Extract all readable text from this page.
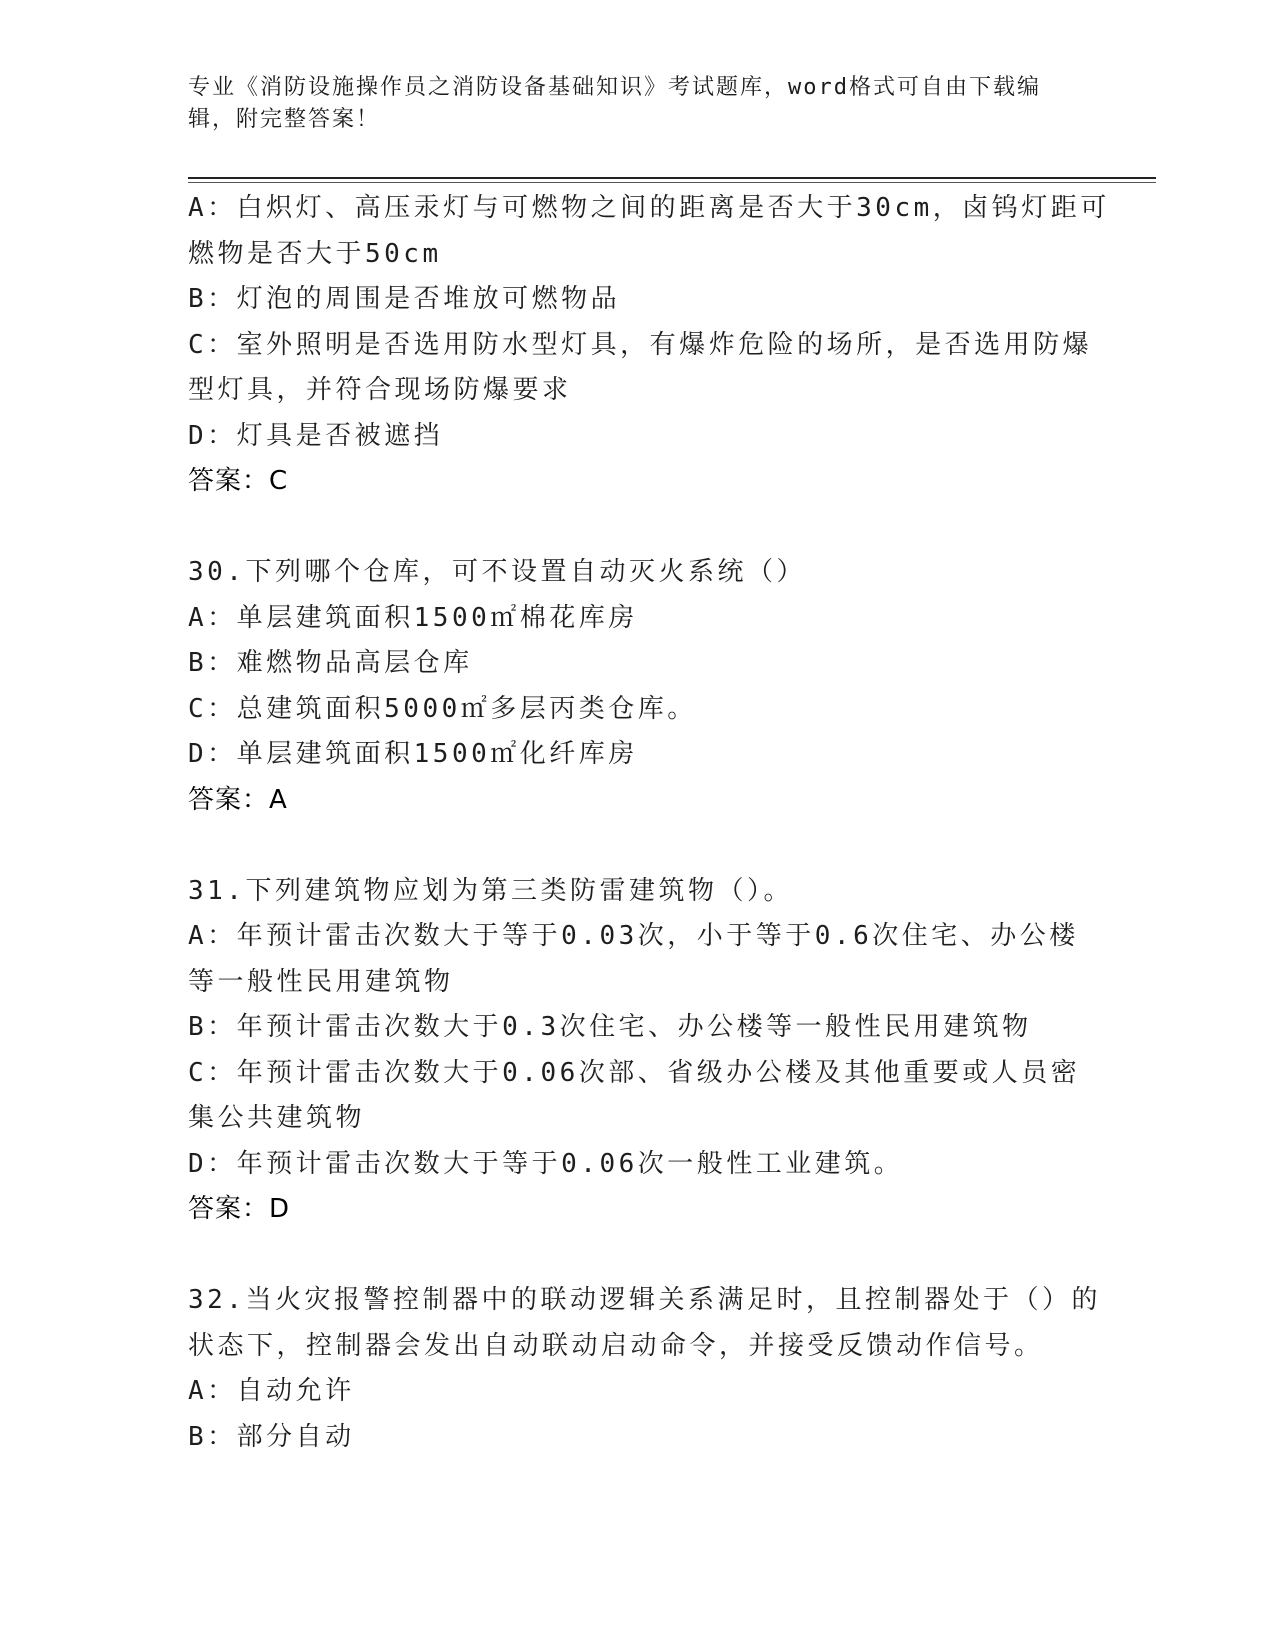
专业《消防设施操作员之消防设备基础知识》考试题库，word格式可自由下载编
辑，附完整答案！
A：白炽灯、高压汞灯与可燃物之间的距离是否大于30cm，卤钨灯距可
燃物是否大于50cm
B：灯泡的周围是否堆放可燃物品
C：室外照明是否选用防水型灯具，有爆炸危险的场所，是否选用防爆
型灯具，并符合现场防爆要求
D：灯具是否被遮挡
答案：C
30.下列哪个仓库，可不设置自动灭火系统（）
A：单层建筑面积1500㎡棉花库房
B：难燃物品高层仓库
C：总建筑面积5000㎡多层丙类仓库。
D：单层建筑面积1500㎡化纤库房
答案：A
31.下列建筑物应划为第三类防雷建筑物（）。
A：年预计雷击次数大于等于0.03次，小于等于0.6次住宅、办公楼
等一般性民用建筑物
B：年预计雷击次数大于0.3次住宅、办公楼等一般性民用建筑物
C：年预计雷击次数大于0.06次部、省级办公楼及其他重要或人员密
集公共建筑物
D：年预计雷击次数大于等于0.06次一般性工业建筑。
答案：D
32.当火灾报警控制器中的联动逻辑关系满足时，且控制器处于（）的
状态下，控制器会发出自动联动启动命令，并接受反馈动作信号。
A：自动允许
B：部分自动
